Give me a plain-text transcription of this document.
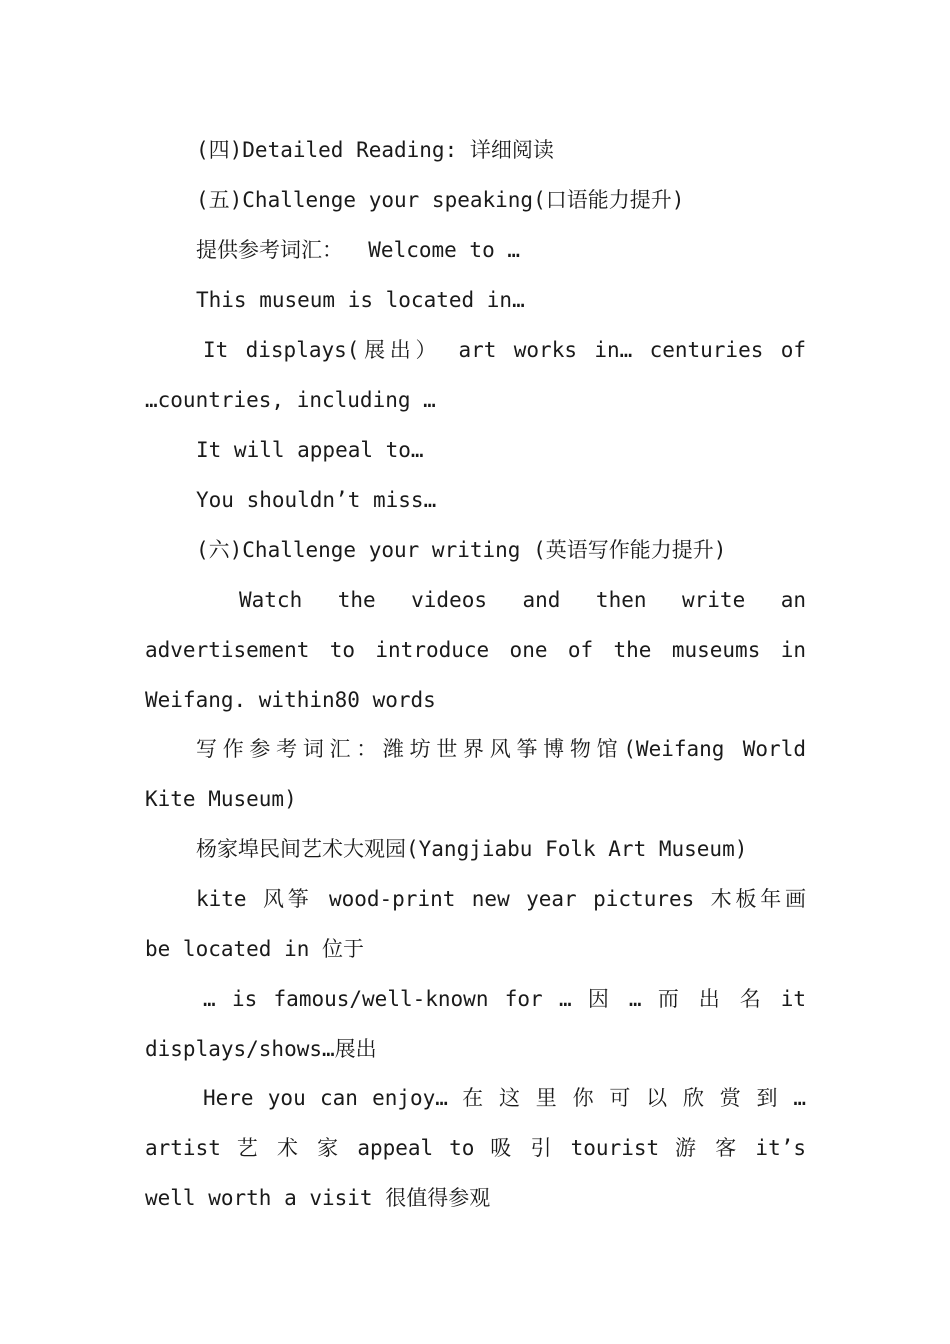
(四)Detailed Reading: 详细阅读
(五)Challenge your speaking(口语能力提升)
提供参考词汇：  Welcome to …
This museum is located in…
It displays(展出） art works in… centuries of
…countries, including …
It will appeal to…
You shouldn’t miss…
(六)Challenge your writing (英语写作能力提升)
Watch the videos and then write an
advertisement to introduce one of the museums in
Weifang. within80 words
写作参考词汇：潍坊世界风筝博物馆(Weifang World
Kite Museum)
杨家埠民间艺术大观园(Yangjiabu Folk Art Museum)
kite 风筝 wood-print new year pictures 木板年画
be located in 位于
… is famous/well-known for … 因 … 而 出 名 it
displays/shows…展出
Here you can enjoy… 在 这 里 你 可 以 欣 赏 到 …
artist 艺 术 家 appeal to 吸 引 tourist 游 客 it’s
well worth a visit 很值得参观
